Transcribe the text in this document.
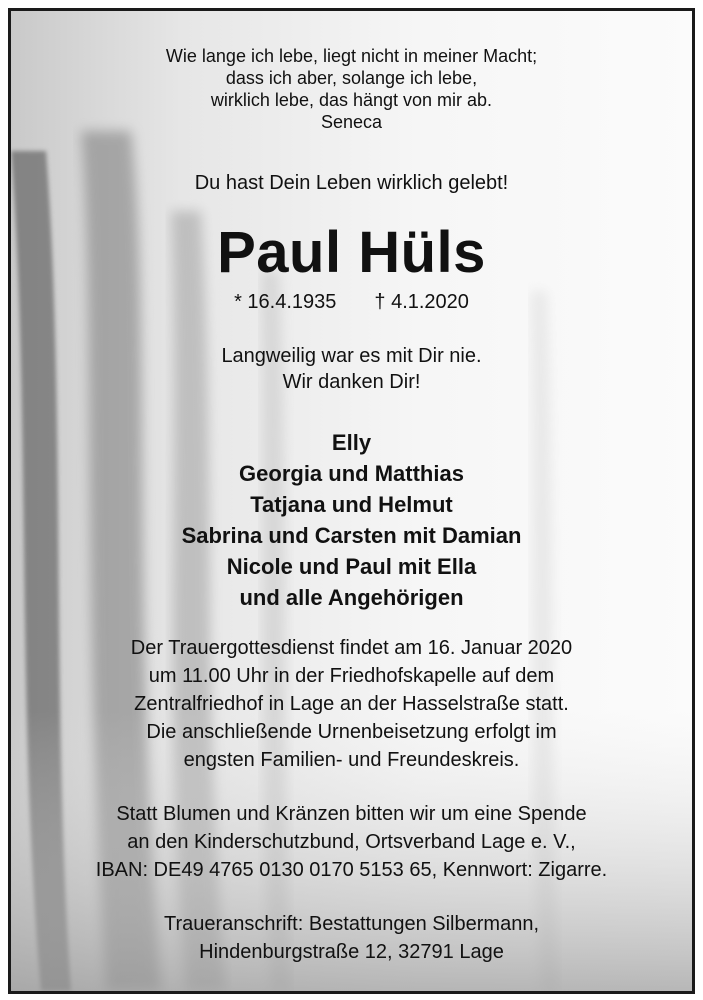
Wie lange ich lebe, liegt nicht in meiner Macht;
dass ich aber, solange ich lebe,
wirklich lebe, das hängt von mir ab.
Seneca
Du hast Dein Leben wirklich gelebt!
Paul Hüls
* 16.4.1935 † 4.1.2020
Langweilig war es mit Dir nie.
Wir danken Dir!
Elly
Georgia und Matthias
Tatjana und Helmut
Sabrina und Carsten mit Damian
Nicole und Paul mit Ella
und alle Angehörigen
Der Trauergottesdienst findet am 16. Januar 2020
um 11.00 Uhr in der Friedhofskapelle auf dem
Zentralfriedhof in Lage an der Hasselstraße statt.
Die anschließende Urnenbeisetzung erfolgt im
engsten Familien- und Freundeskreis.
Statt Blumen und Kränzen bitten wir um eine Spende
an den Kinderschutzbund, Ortsverband Lage e. V.,
IBAN: DE49 4765 0130 0170 5153 65, Kennwort: Zigarre.
Traueranschrift: Bestattungen Silbermann,
Hindenburgstraße 12, 32791 Lage
